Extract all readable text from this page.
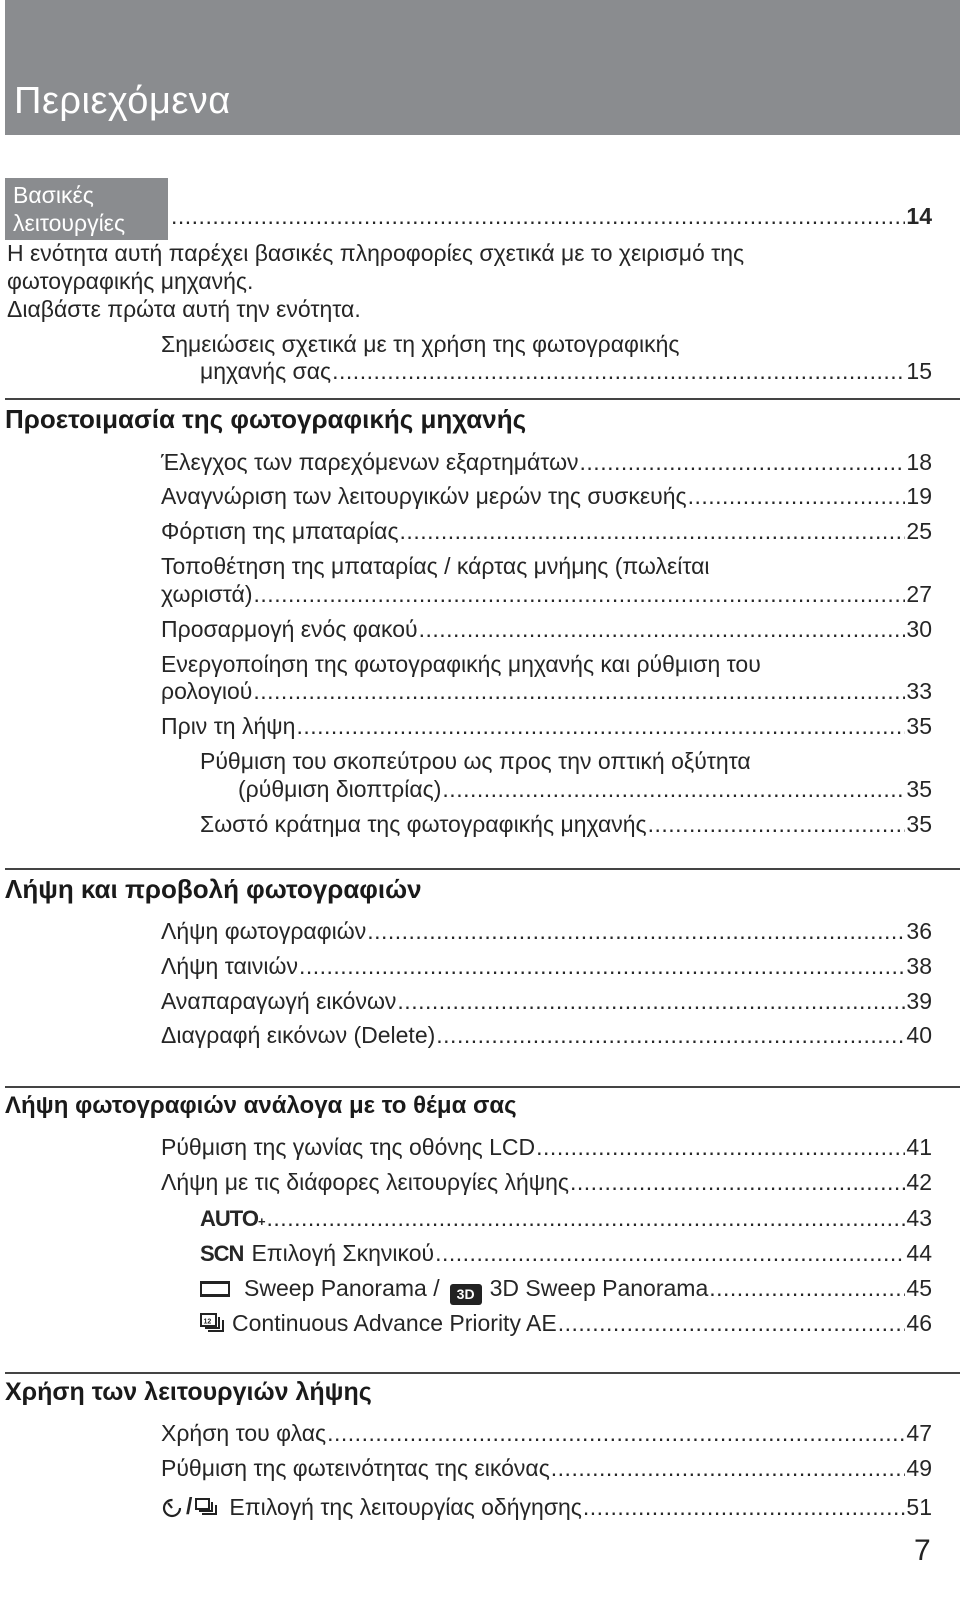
Περιεχόμενα
Βασικές
λειτουργίες .....	14
Η ενότητα αυτή παρέχει βασικές πληροφορίες σχετικά με το χειρισμό της
φωτογραφικής μηχανής.
Διαβάστε πρώτα αυτή την ενότητα.
Σημειώσεις σχετικά με τη χρήση της φωτογραφικής
μηχανής σας .....	15
Προετοιμασία της φωτογραφικής μηχανής
Έλεγχος των παρεχόμενων εξαρτημάτων .....	18
Αναγνώριση των λειτουργικών μερών της συσκευής .....	19
Φόρτιση της μπαταρίας .....	25
Τοποθέτηση της μπαταρίας / κάρτας μνήμης (πωλείται
χωριστά) .....	27
Προσαρμογή ενός φακού .....	30
Ενεργοποίηση της φωτογραφικής μηχανής και ρύθμιση του
ρολογιού .....	33
Πριν τη λήψη .....	35
Ρύθμιση του σκοπεύτρου ως προς την οπτική οξύτητα
(ρύθμιση διοπτρίας) .....	35
Σωστό κράτημα της φωτογραφικής μηχανής .....	35
Λήψη και προβολή φωτογραφιών
Λήψη φωτογραφιών .....	36
Λήψη ταινιών .....	38
Αναπαραγωγή εικόνων .....	39
Διαγραφή εικόνων (Delete) .....	40
Λήψη φωτογραφιών ανάλογα με το θέμα σας
Ρύθμιση της γωνίας της οθόνης LCD .....	41
Λήψη με τις διάφορες λειτουργίες λήψης .....	42
AUTO + .....	43
SCN Επιλογή Σκηνικού .....	44
Sweep Panorama /	3D 3D Sweep Panorama .....	45
12 Continuous Advance Priority AE .....	46
Χρήση των λειτουργιών λήψης
Χρήση του φλας .....	47
Ρύθμιση της φωτεινότητας της εικόνας .....	49
/ Επιλογή της λειτουργίας οδήγησης .....	51
7
